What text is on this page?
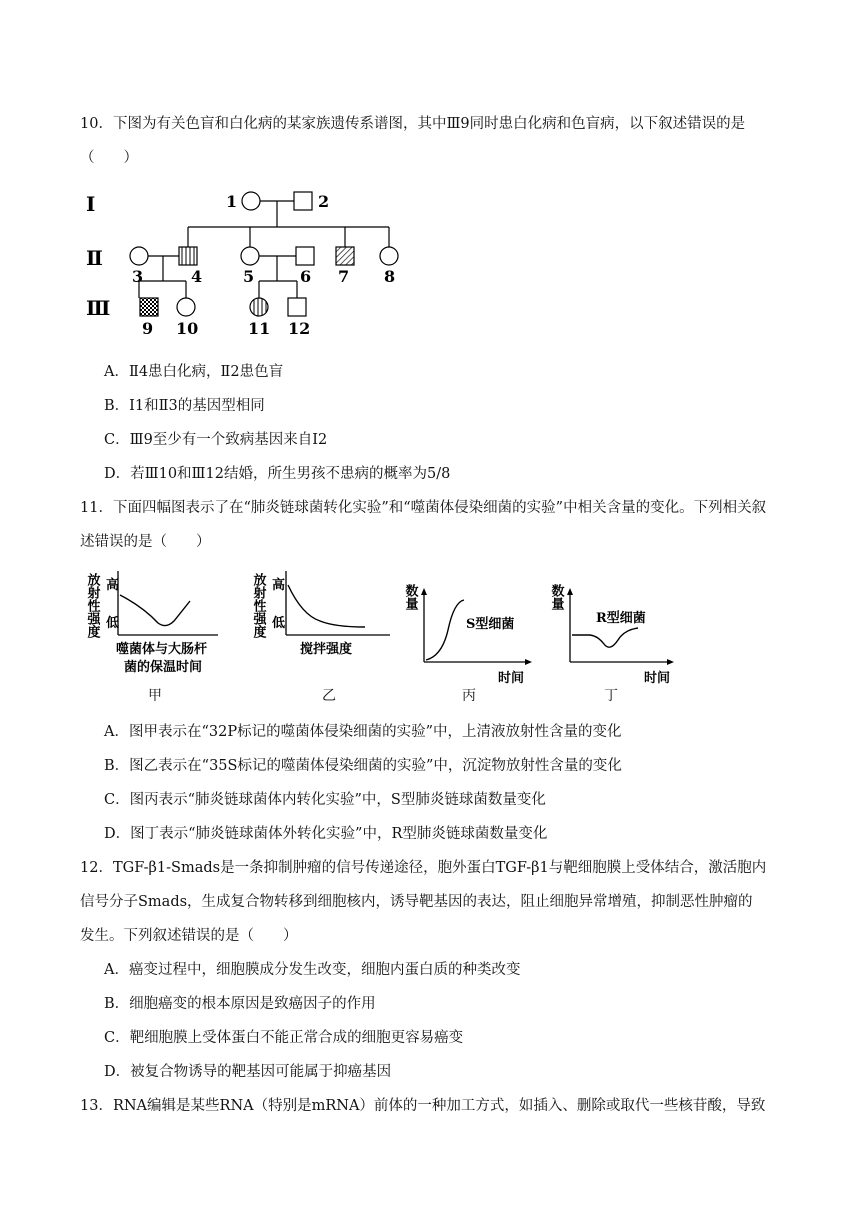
10．下图为有关色盲和白化病的某家族遗传系谱图，其中Ⅲ9同时患白化病和色盲病，以下叙述错误的是
（　　）
Ⅰ
Ⅱ
Ⅲ
1	2
3	4	5	6 7 8
9 10	11 12
A．Ⅱ4患白化病，Ⅱ2患色盲
B．I1和Ⅱ3的基因型相同
C．Ⅲ9至少有一个致病基因来自I2
D．若Ⅲ10和Ⅲ12结婚，所生男孩不患病的概率为5/8
11．下面四幅图表示了在“肺炎链球菌转化实验”和“噬菌体侵染细菌的实验”中相关含量的变化。下列相关叙
述错误的是（　　）
放射性强度 高
低
噬菌体与大肠杆
菌的保温时间
甲
放射性强度 高
低
搅拌强度
乙
数量
S型细菌
时间
丙
数量
R型细菌
时间
丁
A．图甲表示在“32P标记的噬菌体侵染细菌的实验”中，上清液放射性含量的变化
B．图乙表示在“35S标记的噬菌体侵染细菌的实验”中，沉淀物放射性含量的变化
C．图丙表示“肺炎链球菌体内转化实验”中，S型肺炎链球菌数量变化
D．图丁表示“肺炎链球菌体外转化实验”中，R型肺炎链球菌数量变化
12．TGF-β1-Smads是一条抑制肿瘤的信号传递途径，胞外蛋白TGF-β1与靶细胞膜上受体结合，激活胞内
信号分子Smads，生成复合物转移到细胞核内，诱导靶基因的表达，阻止细胞异常增殖，抑制恶性肿瘤的
发生。下列叙述错误的是（　　）
A．癌变过程中，细胞膜成分发生改变，细胞内蛋白质的种类改变
B．细胞癌变的根本原因是致癌因子的作用
C．靶细胞膜上受体蛋白不能正常合成的细胞更容易癌变
D．被复合物诱导的靶基因可能属于抑癌基因
13．RNA编辑是某些RNA（特别是mRNA）前体的一种加工方式，如插入、删除或取代一些核苷酸，导致
